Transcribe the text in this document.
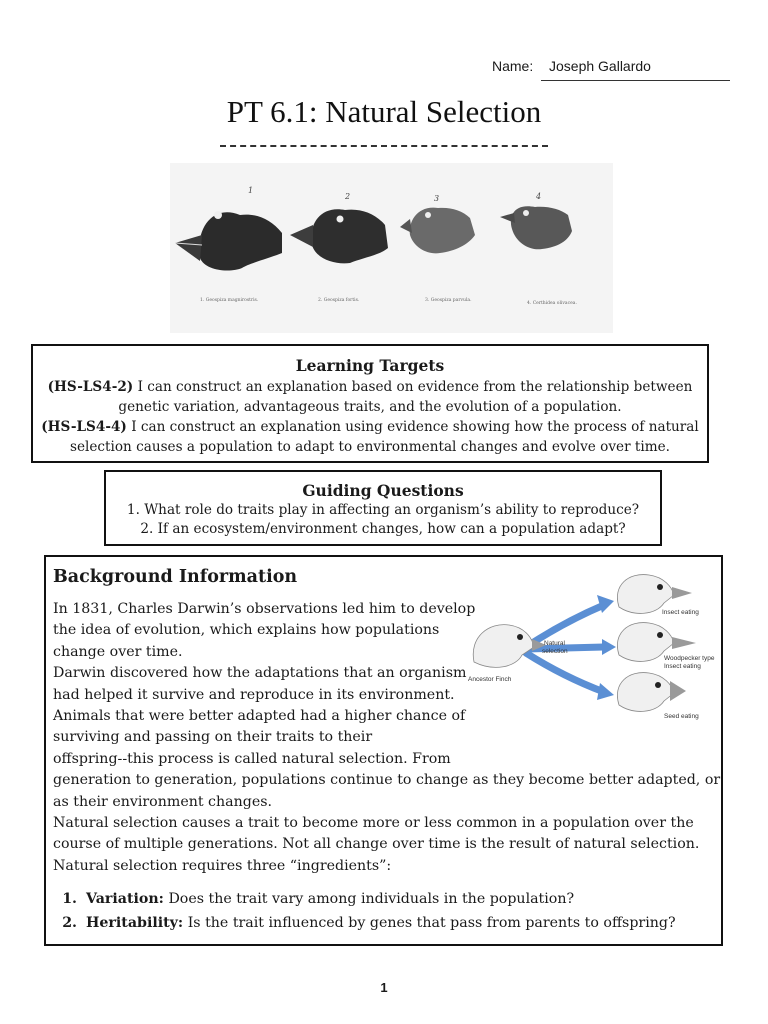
Name:	Joseph Gallardo
PT 6.1: Natural Selection
1
2	3	4
1. Geospiza magnirostris.	2. Geospiza fortis.	3. Geospiza parvula.
4. Certhidea olivacea.
Learning Targets
(HS-LS4-2) I can construct an explanation based on evidence from the relationship between
genetic variation, advantageous traits, and the evolution of a population.
(HS-LS4-4) I can construct an explanation using evidence showing how the process of natural
selection causes a population to adapt to environmental changes and evolve over time.
Guiding Questions
1. What role do traits play in affecting an organism’s ability to reproduce?
2. If an ecosystem/environment changes, how can a population adapt?
Background Information
In 1831, Charles Darwin’s observations led him to develop
the idea of evolution, which explains how populations
change over time.
Darwin discovered how the adaptations that an organism
had helped it survive and reproduce in its environment.
Animals that were better adapted had a higher chance of
surviving and passing on their traits to their
offspring--this process is called natural selection. From
generation to generation, populations continue to change as they become better adapted, or
as their environment changes.
Natural selection causes a trait to become more or less common in a population over the
course of multiple generations. Not all change over time is the result of natural selection.
Natural selection requires three “ingredients”:
1. Variation: Does the trait vary among individuals in the population?
2. Heritability: Is the trait influenced by genes that pass from parents to offspring?
Ancestor Finch
Natural
selection
Insect eating
Woodpecker type
Insect eating
Seed eating
1
